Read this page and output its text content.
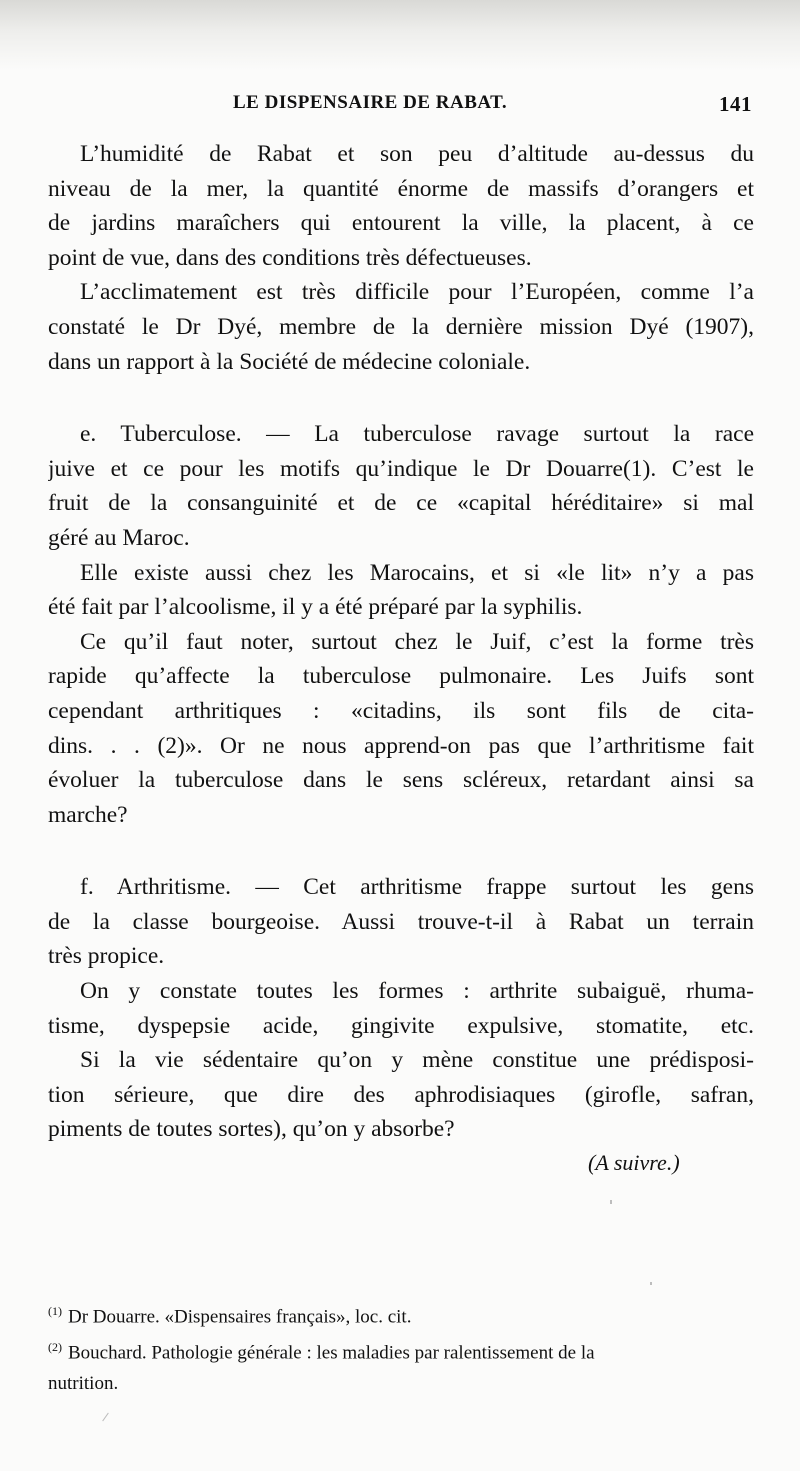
LE DISPENSAIRE DE RABAT.	141
L’humidité de Rabat et son peu d’altitude au-dessus du
niveau de la mer, la quantité énorme de massifs d’orangers et
de jardins maraîchers qui entourent la ville, la placent, à ce
point de vue, dans des conditions très défectueuses.
L’acclimatement est très difficile pour l’Européen, comme l’a
constaté le Dr Dyé, membre de la dernière mission Dyé (1907),
dans un rapport à la Société de médecine coloniale.
e. Tuberculose. — La tuberculose ravage surtout la race
juive et ce pour les motifs qu’indique le Dr Douarre(1). C’est le
fruit de la consanguinité et de ce «capital héréditaire» si mal
géré au Maroc.
Elle existe aussi chez les Marocains, et si «le lit» n’y a pas
été fait par l’alcoolisme, il y a été préparé par la syphilis.
Ce qu’il faut noter, surtout chez le Juif, c’est la forme très
rapide qu’affecte la tuberculose pulmonaire. Les Juifs sont
cependant arthritiques : «citadins, ils sont fils de cita-
dins. . . (2)». Or ne nous apprend-on pas que l’arthritisme fait
évoluer la tuberculose dans le sens scléreux, retardant ainsi sa
marche?
f. Arthritisme. — Cet arthritisme frappe surtout les gens
de la classe bourgeoise. Aussi trouve-t-il à Rabat un terrain
très propice.
On y constate toutes les formes : arthrite subaiguë, rhuma-
tisme, dyspepsie acide, gingivite expulsive, stomatite, etc.
Si la vie sédentaire qu’on y mène constitue une prédisposi-
tion sérieure, que dire des aphrodisiaques (girofle, safran,
piments de toutes sortes), qu’on y absorbe?
(A suivre.)
$^{(1)}$ Dr Douarre. «Dispensaires français», loc. cit.
$^{(2)}$ Bouchard. Pathologie générale : les maladies par ralentissement de la
nutrition.
